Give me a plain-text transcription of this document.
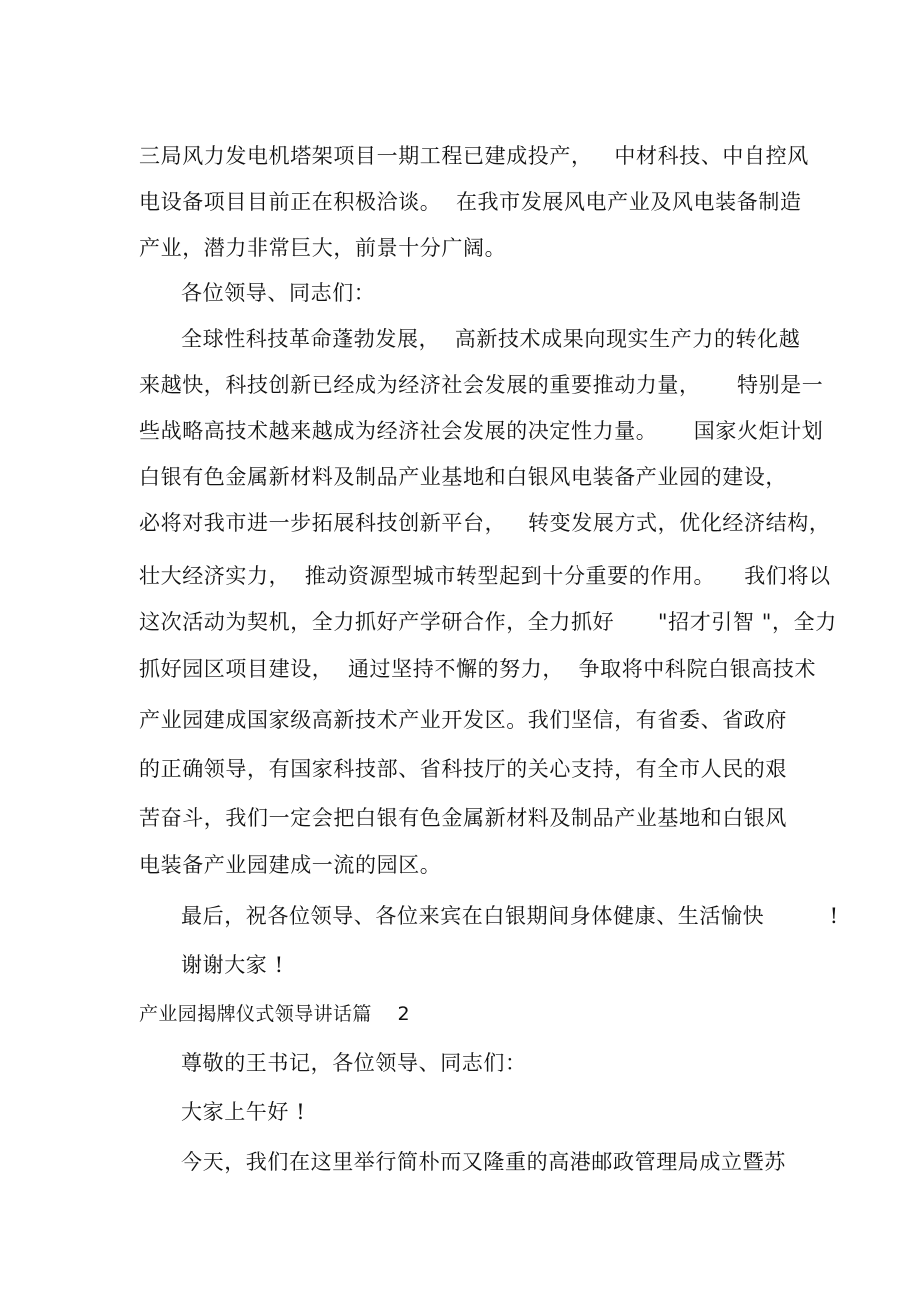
三局风力发电机塔架项目一期工程已建成投产，   中材科技、中自控风
电设备项目目前正在积极洽谈。  在我市发展风电产业及风电装备制造
产业，潜力非常巨大，前景十分广阔。
各位领导、同志们：
全球性科技革命蓬勃发展，  高新技术成果向现实生产力的转化越
来越快，科技创新已经成为经济社会发展的重要推动力量，     特别是一
些战略高技术越来越成为经济社会发展的决定性力量。     国家火炬计划
白银有色金属新材料及制品产业基地和白银风电装备产业园的建设，
必将对我市进一步拓展科技创新平台，   转变发展方式，优化经济结构，
壮大经济实力，  推动资源型城市转型起到十分重要的作用。    我们将以
这次活动为契机，全力抓好产学研合作，全力抓好      "招才引智 "，全力
抓好园区项目建设，  通过坚持不懈的努力，  争取将中科院白银高技术
产业园建成国家级高新技术产业开发区。我们坚信，有省委、省政府
的正确领导，有国家科技部、省科技厅的关心支持，有全市人民的艰
苦奋斗，我们一定会把白银有色金属新材料及制品产业基地和白银风
电装备产业园建成一流的园区。
最后，祝各位领导、各位来宾在白银期间身体健康、生活愉快         !
谢谢大家 !
产业园揭牌仪式领导讲话篇    2
尊敬的王书记，各位领导、同志们：
大家上午好 !
今天，我们在这里举行简朴而又隆重的高港邮政管理局成立暨苏
